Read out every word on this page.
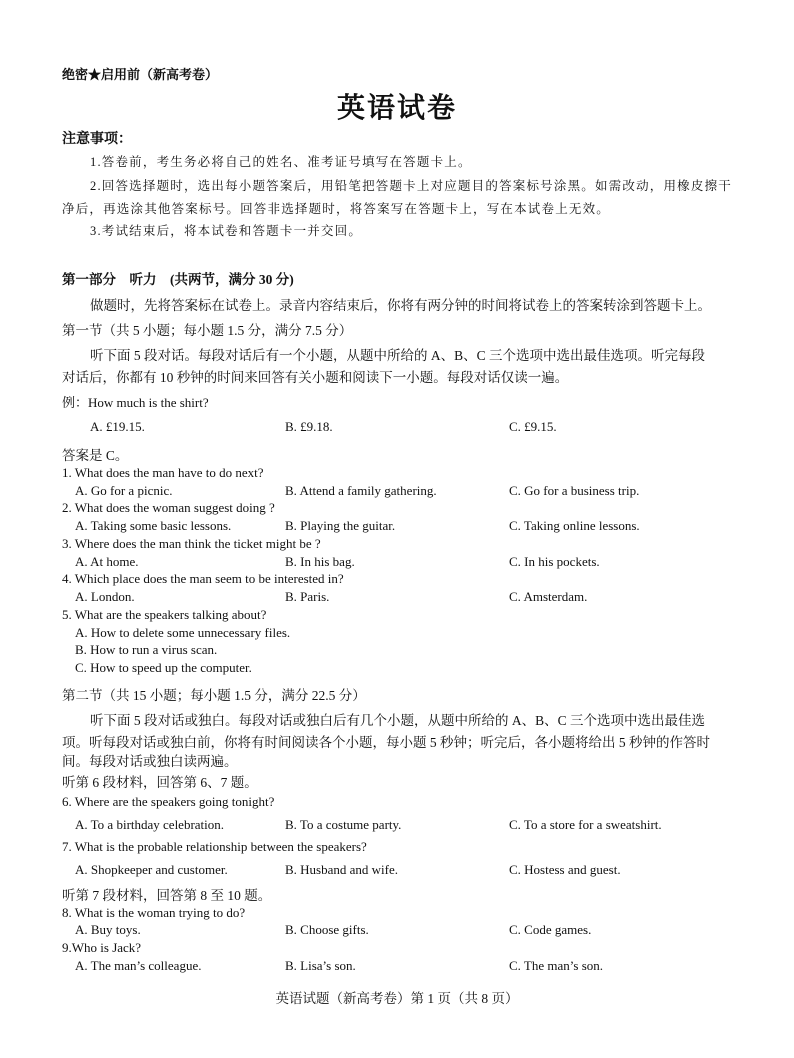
绝密★启用前（新高考卷）
英语试卷
注意事项：
1.答卷前，考生务必将自己的姓名、准考证号填写在答题卡上。
2.回答选择题时，选出每小题答案后，用铅笔把答题卡上对应题目的答案标号涂黑。如需改动，用橡皮擦干
净后，再选涂其他答案标号。回答非选择题时，将答案写在答题卡上，写在本试卷上无效。
3.考试结束后，将本试卷和答题卡一并交回。
第一部分　听力　(共两节，满分 30 分)
做题时，先将答案标在试卷上。录音内容结束后，你将有两分钟的时间将试卷上的答案转涂到答题卡上。
第一节（共 5 小题；每小题 1.5 分，满分 7.5 分）
听下面 5 段对话。每段对话后有一个小题，从题中所给的 A、B、C 三个选项中选出最佳选项。听完每段
对话后，你都有 10 秒钟的时间来回答有关小题和阅读下一小题。每段对话仅读一遍。
例：How much is the shirt?
A. £19.15.	B. £9.18.	C. £9.15.
答案是 C。
1. What does the man have to do next?
A. Go for a picnic.	B. Attend a family gathering.	C. Go for a business trip.
2. What does the woman suggest doing ?
A. Taking some basic lessons.	B. Playing the guitar.	C. Taking online lessons.
3. Where does the man think the ticket might be ?
A. At home.	B. In his bag.	C. In his pockets.
4. Which place does the man seem to be interested in?
A. London.	B. Paris.	C. Amsterdam.
5. What are the speakers talking about?
A. How to delete some unnecessary files.
B. How to run a virus scan.
C. How to speed up the computer.
第二节（共 15 小题；每小题 1.5 分，满分 22.5 分）
听下面 5 段对话或独白。每段对话或独白后有几个小题，从题中所给的 A、B、C 三个选项中选出最佳选
项。听每段对话或独白前，你将有时间阅读各个小题，每小题 5 秒钟；听完后，各小题将给出 5 秒钟的作答时
间。每段对话或独白读两遍。
听第 6 段材料，回答第 6、7 题。
6. Where are the speakers going tonight?
A. To a birthday celebration.	B. To a costume party.	C. To a store for a sweatshirt.
7. What is the probable relationship between the speakers?
A. Shopkeeper and customer.	B. Husband and wife.	C. Hostess and guest.
听第 7 段材料，回答第 8 至 10 题。
8. What is the woman trying to do?
A. Buy toys.	B. Choose gifts.	C. Code games.
9.Who is Jack?
A. The man’s colleague.	B. Lisa’s son.	C. The man’s son.
英语试题（新高考卷）第 1 页（共 8 页）
